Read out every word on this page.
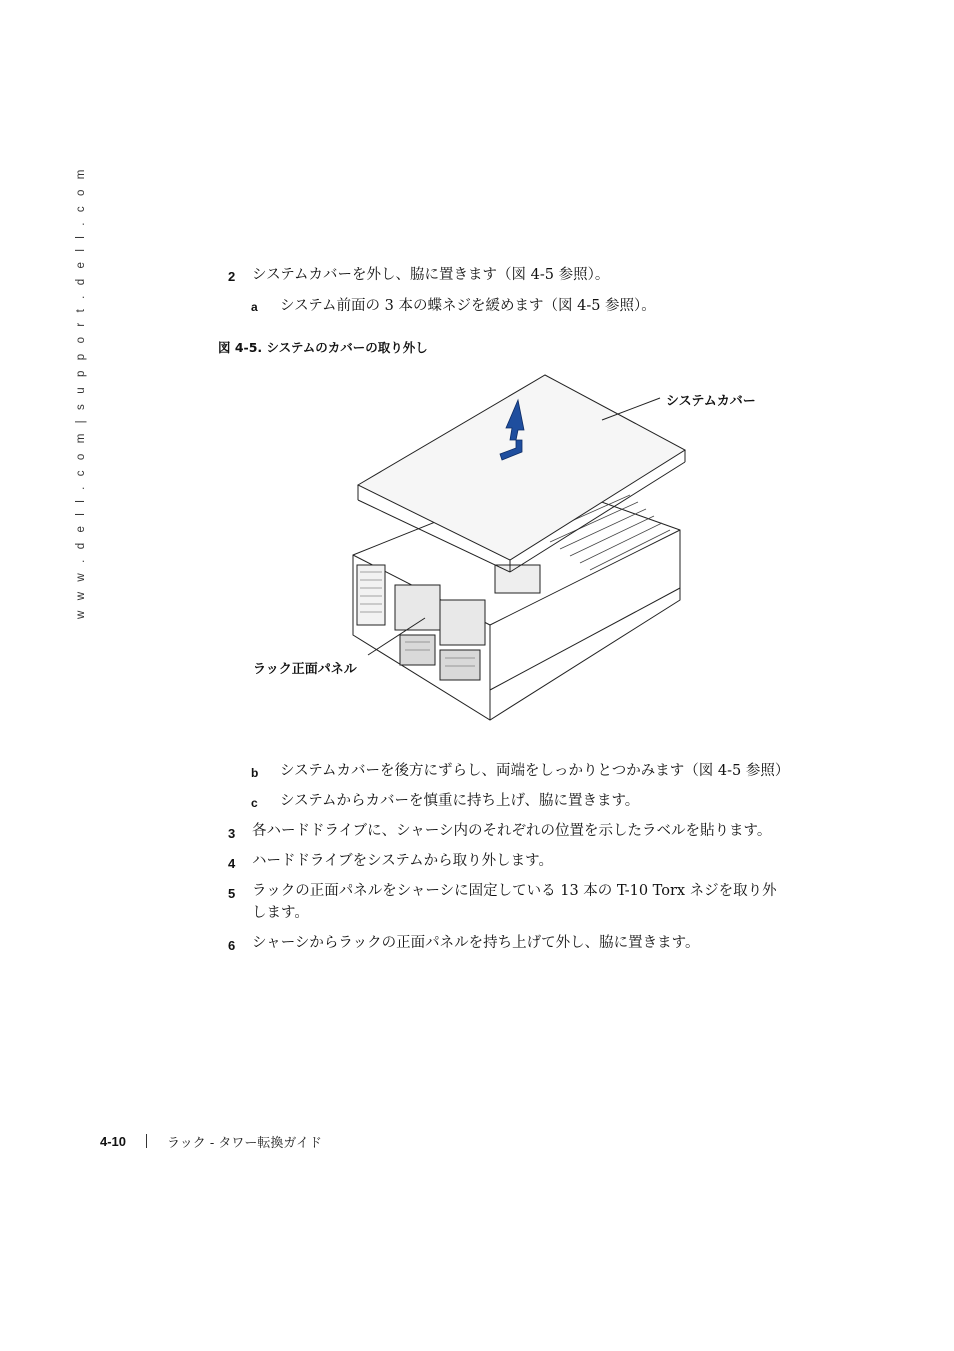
w w w . d e l l . c o m | s u p p o r t . d e l l . c o m	2 システムカバーを外し、脇に置きます（図 4-5 参照）。
a システム前面の 3 本の蝶ネジを緩めます（図 4-5 参照）。
図 4-5. システムのカバーの取り外し
システムカバー
ラック正面パネル
b システムカバーを後方にずらし、両端をしっかりとつかみます（図 4-5 参照）
c システムからカバーを慎重に持ち上げ、脇に置きます。
3 各ハードドライブに、シャーシ内のそれぞれの位置を示したラベルを貼ります。
4 ハードドライブをシステムから取り外します。
5 ラックの正面パネルをシャーシに固定している 13 本の T-10 Torx ネジを取り外
します。
6 シャーシからラックの正面パネルを持ち上げて外し、脇に置きます。
4-10	ラック - タワー転換ガイド
